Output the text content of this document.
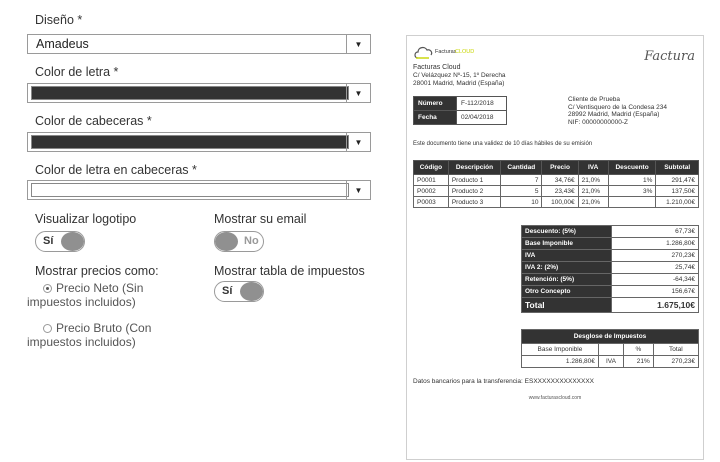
Diseño *
Amadeus	▼
Color de letra *
▼
Color de cabeceras *
▼
Color de letra en cabeceras *
▼
Visualizar logotipo
Sí
Mostrar su email
No
Mostrar precios como:
Precio Neto (Sin impuestos incluidos)
Precio Bruto (Con impuestos incluidos)
Mostrar tabla de impuestos
Sí
Facturas
CLOUD	Factura
Facturas Cloud
C/ Velázquez Nº-15, 1º Derecha
28001 Madrid, Madrid (España)
Número	F-112/2018
Fecha	02/04/2018
Cliente de Prueba
C/ Ventisquero de la Condesa 234
28992 Madrid, Madrid (España)
NIF: 00000000000-Z
Este documento tiene una validez de 10 días hábiles de su emisión
Código	Descripción	Cantidad	Precio	IVA	Descuento	Subtotal
P0001	Producto 1	7	34,76€	21,0%	1%	291,47€
P0002	Producto 2	5	23,43€	21,0%	3%	137,50€
P0003	Producto 3	10	100,00€	21,0%		1.210,00€
Descuento: (5%)	67,73€
Base Imponible	1.286,80€
IVA	270,23€
IVA 2: (2%)	25,74€
Retención: (5%)	-64,34€
Otro Concepto	156,67€
Total	1.675,10€
Desglose de Impuestos			
Base Imponible		%	Total
1.286,80€	IVA	21%	270,23€
Datos bancarios para la transferencia: ESXXXXXXXXXXXXXX
www.facturascloud.com
